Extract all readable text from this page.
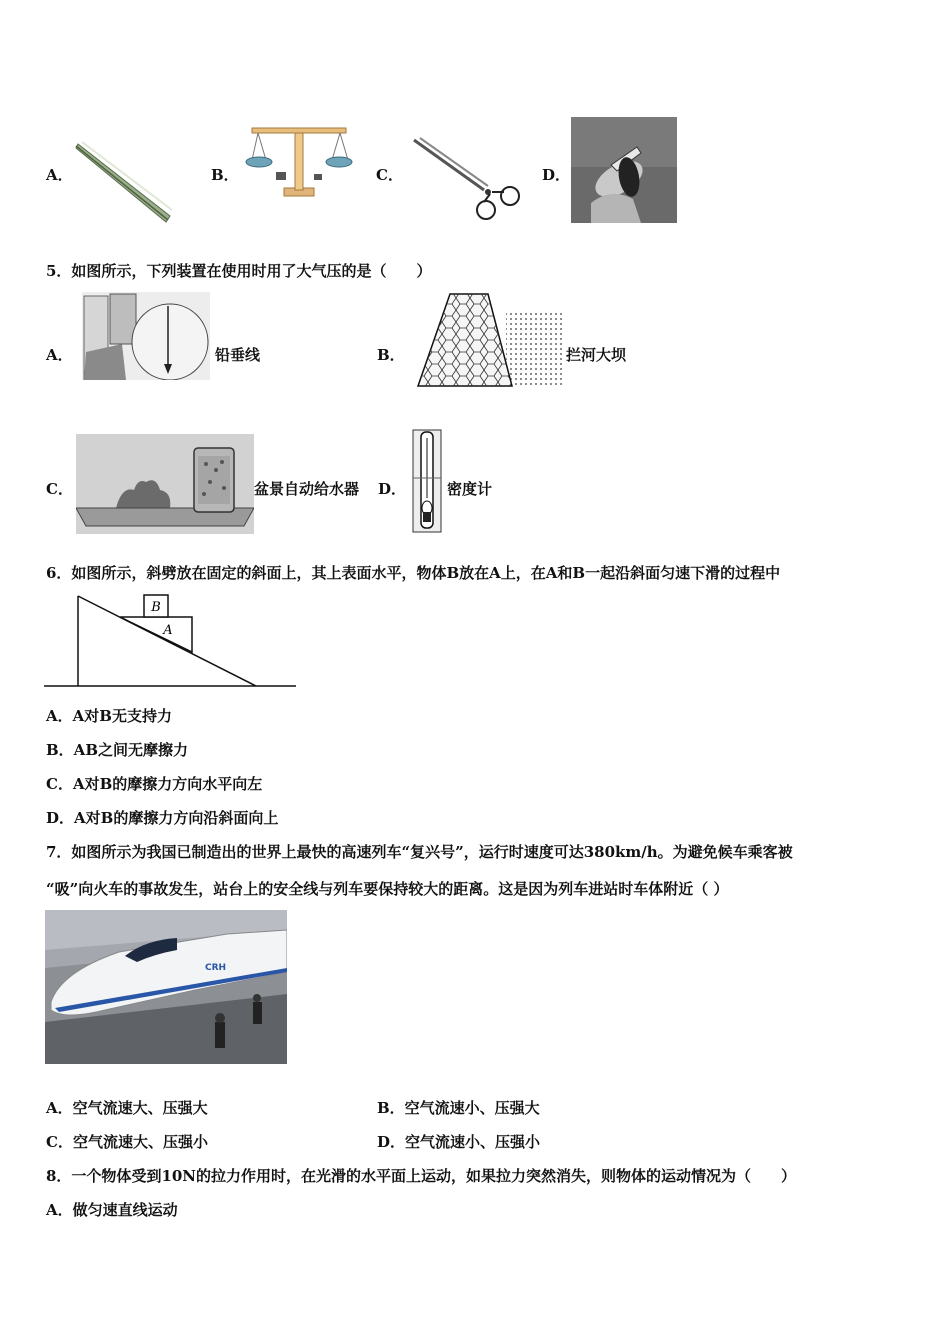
A．	B．	C．	D．
5．如图所示，下列装置在使用时用了大气压的是（　　）
A．	铅垂线	B．	拦河大坝
C．	盆景自动给水器 D．	密度计
6．如图所示，斜劈放在固定的斜面上，其上表面水平，物体B放在A上，在A和B一起沿斜面匀速下滑的过程中
B
A
A．A对B无支持力
B．AB之间无摩擦力
C．A对B的摩擦力方向水平向左
D．A对B的摩擦力方向沿斜面向上
7．如图所示为我国已制造出的世界上最快的高速列车“复兴号”，运行时速度可达380km/h。为避免候车乘客被
“吸”向火车的事故发生，站台上的安全线与列车要保持较大的距离。这是因为列车进站时车体附近（ ）
CRH
A．空气流速大、压强大	B．空气流速小、压强大
C．空气流速大、压强小	D．空气流速小、压强小
8．一个物体受到10N的拉力作用时，在光滑的水平面上运动，如果拉力突然消失，则物体的运动情况为（　　）
A．做匀速直线运动
